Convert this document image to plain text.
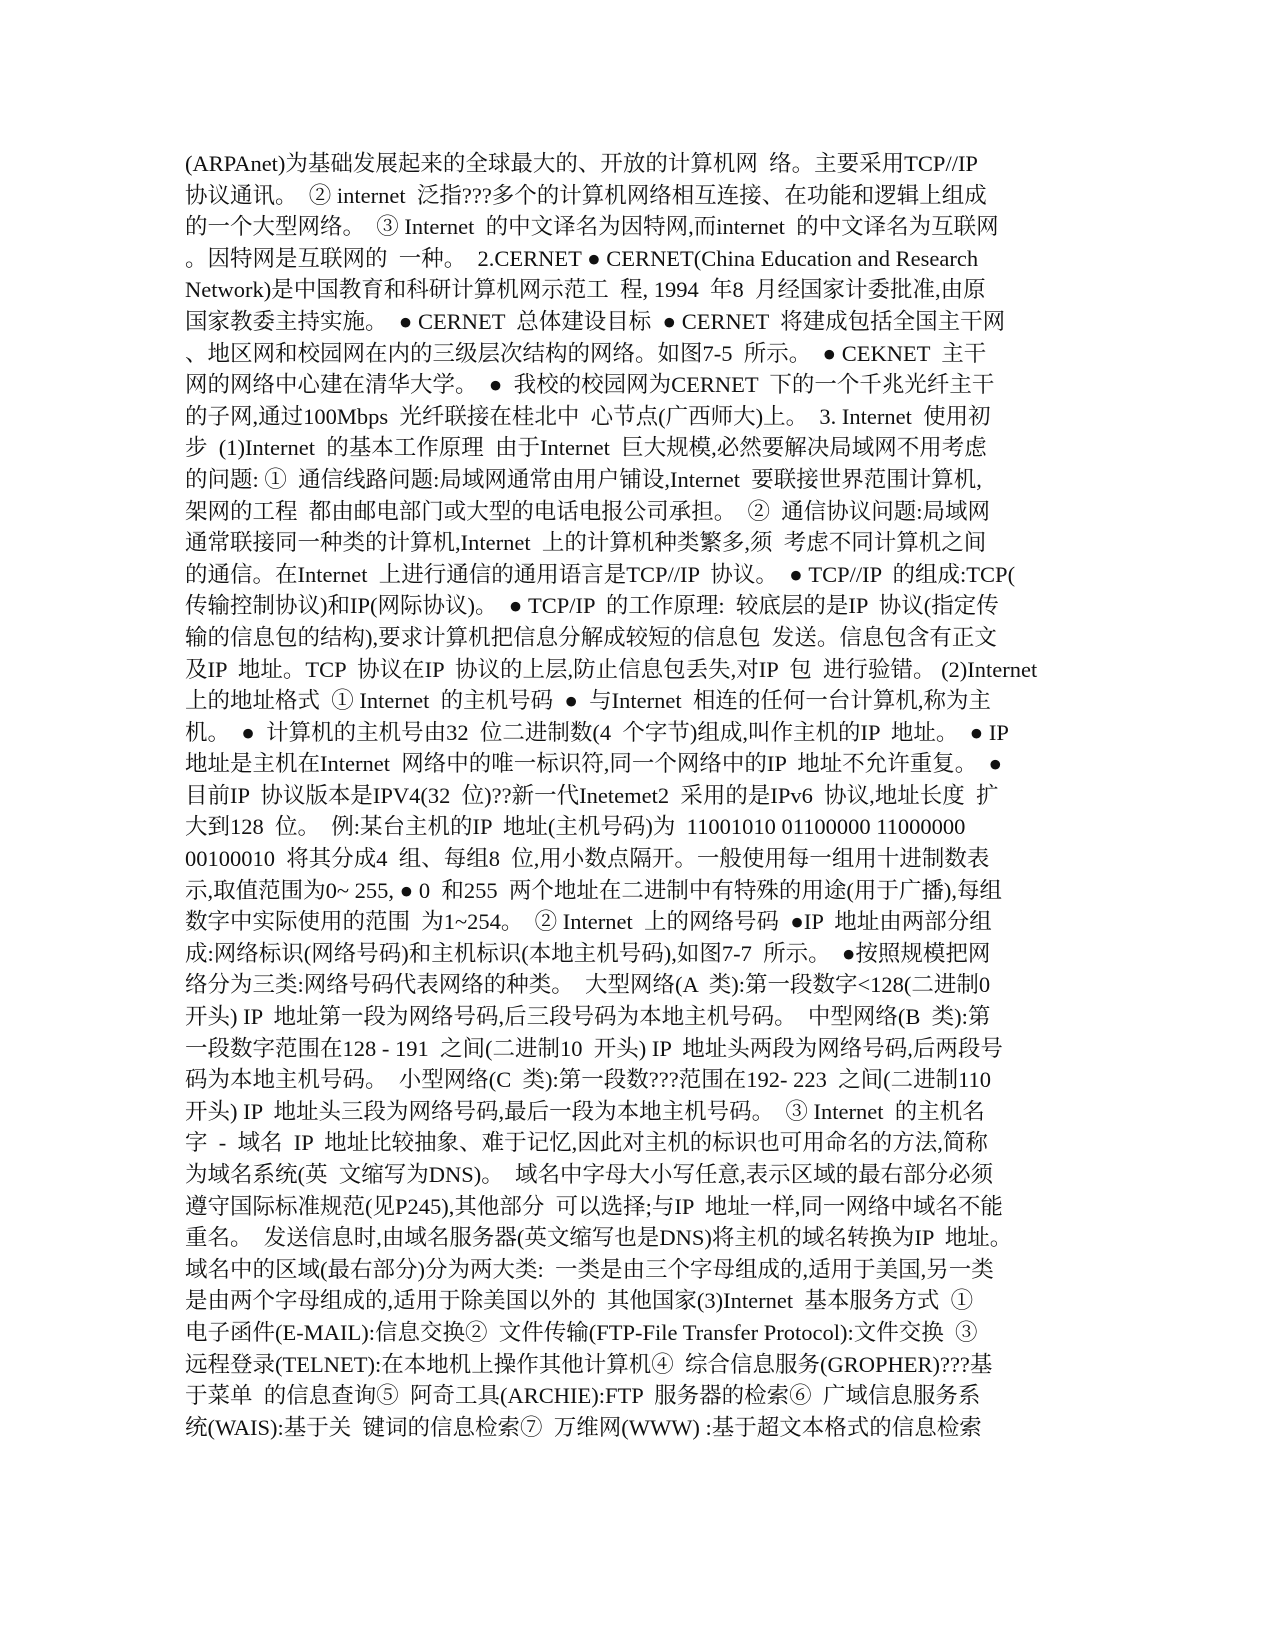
(ARPAnet)为基础发展起来的全球最大的、开放的计算机网  络。主要采用TCP//IP
协议通讯。  ② internet  泛指???多个的计算机网络相互连接、在功能和逻辑上组成
的一个大型网络。  ③ Internet  的中文译名为因特网,而internet  的中文译名为互联网
。因特网是互联网的  一种。  2.CERNET ● CERNET(China Education and Research
Network)是中国教育和科研计算机网示范工  程, 1994  年8  月经国家计委批准,由原
国家教委主持实施。  ● CERNET  总体建设目标  ● CERNET  将建成包括全国主干网
、地区网和校园网在内的三级层次结构的网络。如图7-5  所示。  ● CEKNET  主干
网的网络中心建在清华大学。  ●  我校的校园网为CERNET  下的一个千兆光纤主干
的子网,通过100Mbps  光纤联接在桂北中  心节点(广西师大)上。  3. Internet  使用初
步  (1)Internet  的基本工作原理  由于Internet  巨大规模,必然要解决局域网不用考虑
的问题: ①  通信线路问题:局域网通常由用户铺设,Internet  要联接世界范围计算机,
架网的工程  都由邮电部门或大型的电话电报公司承担。  ②  通信协议问题:局域网
通常联接同一种类的计算机,Internet  上的计算机种类繁多,须  考虑不同计算机之间
的通信。在Internet  上进行通信的通用语言是TCP//IP  协议。  ● TCP//IP  的组成:TCP(
传输控制协议)和IP(网际协议)。  ● TCP/IP  的工作原理:  较底层的是IP  协议(指定传
输的信息包的结构),要求计算机把信息分解成较短的信息包  发送。信息包含有正文
及IP  地址。TCP  协议在IP  协议的上层,防止信息包丢失,对IP  包  进行验错。 (2)Internet
上的地址格式  ① Internet  的主机号码  ●  与Internet  相连的任何一台计算机,称为主
机。  ●  计算机的主机号由32  位二进制数(4  个字节)组成,叫作主机的IP  地址。  ● IP
地址是主机在Internet  网络中的唯一标识符,同一个网络中的IP  地址不允许重复。  ●
目前IP  协议版本是IPV4(32  位)??新一代Inetemet2  采用的是IPv6  协议,地址长度  扩
大到128  位。  例:某台主机的IP  地址(主机号码)为  11001010 01100000 11000000
00100010  将其分成4  组、每组8  位,用小数点隔开。一般使用每一组用十进制数表
示,取值范围为0~ 255, ● 0  和255  两个地址在二进制中有特殊的用途(用于广播),每组
数字中实际使用的范围  为1~254。  ② Internet  上的网络号码  ●IP  地址由两部分组
成:网络标识(网络号码)和主机标识(本地主机号码),如图7-7  所示。  ●按照规模把网
络分为三类:网络号码代表网络的种类。  大型网络(A  类):第一段数字<128(二进制0
开头) IP  地址第一段为网络号码,后三段号码为本地主机号码。  中型网络(B  类):第
一段数字范围在128 - 191  之间(二进制10  开头) IP  地址头两段为网络号码,后两段号
码为本地主机号码。  小型网络(C  类):第一段数???范围在192- 223  之间(二进制110
开头) IP  地址头三段为网络号码,最后一段为本地主机号码。  ③ Internet  的主机名
字  -  域名  IP  地址比较抽象、难于记忆,因此对主机的标识也可用命名的方法,简称
为域名系统(英  文缩写为DNS)。  域名中字母大小写任意,表示区域的最右部分必须
遵守国际标准规范(见P245),其他部分  可以选择;与IP  地址一样,同一网络中域名不能
重名。  发送信息时,由域名服务器(英文缩写也是DNS)将主机的域名转换为IP  地址。
域名中的区域(最右部分)分为两大类:  一类是由三个字母组成的,适用于美国,另一类
是由两个字母组成的,适用于除美国以外的  其他国家(3)Internet  基本服务方式  ①
电子函件(E-MAIL):信息交换②  文件传输(FTP-File Transfer Protocol):文件交换  ③
远程登录(TELNET):在本地机上操作其他计算机④  综合信息服务(GROPHER)???基
于菜单  的信息查询⑤  阿奇工具(ARCHIE):FTP  服务器的检索⑥  广域信息服务系
统(WAIS):基于关  键词的信息检索⑦  万维网(WWW) :基于超文本格式的信息检索
